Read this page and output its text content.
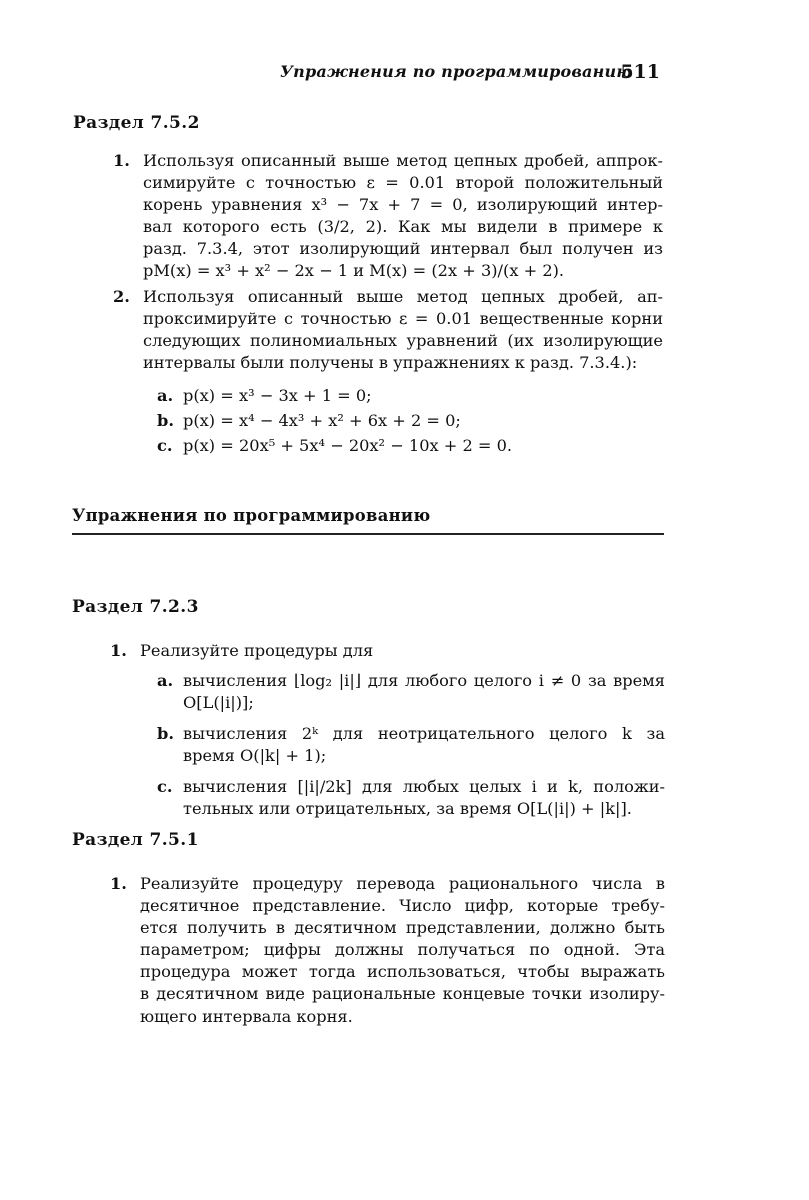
Упражнения по программированию
511
Раздел 7.5.2
1. Используя описанный выше метод цепных дробей, аппрок-
симируйте с точностью ε = 0.01 второй положительный
корень уравнения x³ − 7x + 7 = 0, изолирующий интер-
вал которого есть (3/2, 2). Как мы видели в примере к
разд. 7.3.4, этот изолирующий интервал был получен из
pM(x) = x³ + x² − 2x − 1 и M(x) = (2x + 3)/(x + 2).
2. Используя описанный выше метод цепных дробей, ап-
проксимируйте с точностью ε = 0.01 вещественные корни
следующих полиномиальных уравнений (их изолирующие
интервалы были получены в упражнениях к разд. 7.3.4.):
a. p(x) = x³ − 3x + 1 = 0;
b. p(x) = x⁴ − 4x³ + x² + 6x + 2 = 0;
c. p(x) = 20x⁵ + 5x⁴ − 20x² − 10x + 2 = 0.
Упражнения по программированию
Раздел 7.2.3
1. Реализуйте процедуры для
a. вычисления ⌊log₂ |i|⌋ для любого целого i ≠ 0 за время
O[L(|i|)];
b. вычисления 2ᵏ для неотрицательного целого k за
время O(|k| + 1);
c. вычисления [|i|/2k] для любых целых i и k, положи-
тельных или отрицательных, за время O[L(|i|) + |k|].
Раздел 7.5.1
1. Реализуйте процедуру перевода рационального числа в
десятичное представление. Число цифр, которые требу-
ется получить в десятичном представлении, должно быть
параметром; цифры должны получаться по одной. Эта
процедура может тогда использоваться, чтобы выражать
в десятичном виде рациональные концевые точки изолиру-
ющего интервала корня.
